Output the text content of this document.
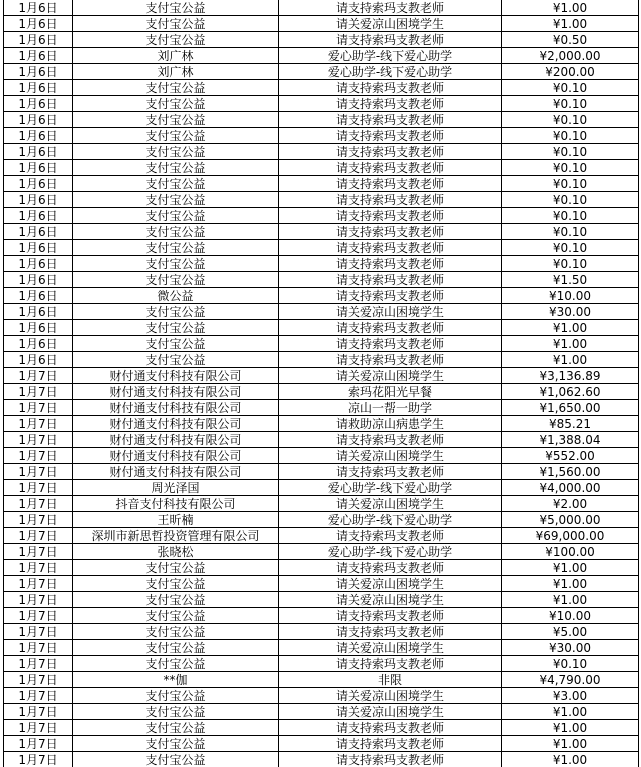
1月6日	支付宝公益	请支持索玛支教老师	¥1.00
1月6日	支付宝公益	请关爱凉山困境学生	¥1.00
1月6日	支付宝公益	请支持索玛支教老师	¥0.50
1月6日	刘广林	爱心助学-线下爱心助学	¥2,000.00
1月6日	刘广林	爱心助学-线下爱心助学	¥200.00
1月6日	支付宝公益	请支持索玛支教老师	¥0.10
1月6日	支付宝公益	请支持索玛支教老师	¥0.10
1月6日	支付宝公益	请支持索玛支教老师	¥0.10
1月6日	支付宝公益	请支持索玛支教老师	¥0.10
1月6日	支付宝公益	请支持索玛支教老师	¥0.10
1月6日	支付宝公益	请支持索玛支教老师	¥0.10
1月6日	支付宝公益	请支持索玛支教老师	¥0.10
1月6日	支付宝公益	请支持索玛支教老师	¥0.10
1月6日	支付宝公益	请支持索玛支教老师	¥0.10
1月6日	支付宝公益	请支持索玛支教老师	¥0.10
1月6日	支付宝公益	请支持索玛支教老师	¥0.10
1月6日	支付宝公益	请支持索玛支教老师	¥0.10
1月6日	支付宝公益	请支持索玛支教老师	¥1.50
1月6日	微公益	请支持索玛支教老师	¥10.00
1月6日	支付宝公益	请关爱凉山困境学生	¥30.00
1月6日	支付宝公益	请支持索玛支教老师	¥1.00
1月6日	支付宝公益	请支持索玛支教老师	¥1.00
1月6日	支付宝公益	请支持索玛支教老师	¥1.00
1月7日	财付通支付科技有限公司	请关爱凉山困境学生	¥3,136.89
1月7日	财付通支付科技有限公司	索玛花阳光早餐	¥1,062.60
1月7日	财付通支付科技有限公司	凉山一帮一助学	¥1,650.00
1月7日	财付通支付科技有限公司	请救助凉山病患学生	¥85.21
1月7日	财付通支付科技有限公司	请支持索玛支教老师	¥1,388.04
1月7日	财付通支付科技有限公司	请关爱凉山困境学生	¥552.00
1月7日	财付通支付科技有限公司	请支持索玛支教老师	¥1,560.00
1月7日	周光泽国	爱心助学-线下爱心助学	¥4,000.00
1月7日	抖音支付科技有限公司	请关爱凉山困境学生	¥2.00
1月7日	王昕楠	爱心助学-线下爱心助学	¥5,000.00
1月7日	深圳市新思哲投资管理有限公司	请支持索玛支教老师	¥69,000.00
1月7日	张晓松	爱心助学-线下爱心助学	¥100.00
1月7日	支付宝公益	请支持索玛支教老师	¥1.00
1月7日	支付宝公益	请关爱凉山困境学生	¥1.00
1月7日	支付宝公益	请关爱凉山困境学生	¥1.00
1月7日	支付宝公益	请支持索玛支教老师	¥10.00
1月7日	支付宝公益	请支持索玛支教老师	¥5.00
1月7日	支付宝公益	请关爱凉山困境学生	¥30.00
1月7日	支付宝公益	请支持索玛支教老师	¥0.10
1月7日	**伽	非限	¥4,790.00
1月7日	支付宝公益	请关爱凉山困境学生	¥3.00
1月7日	支付宝公益	请关爱凉山困境学生	¥1.00
1月7日	支付宝公益	请支持索玛支教老师	¥1.00
1月7日	支付宝公益	请支持索玛支教老师	¥1.00
1月7日	支付宝公益	请支持索玛支教老师	¥1.00
